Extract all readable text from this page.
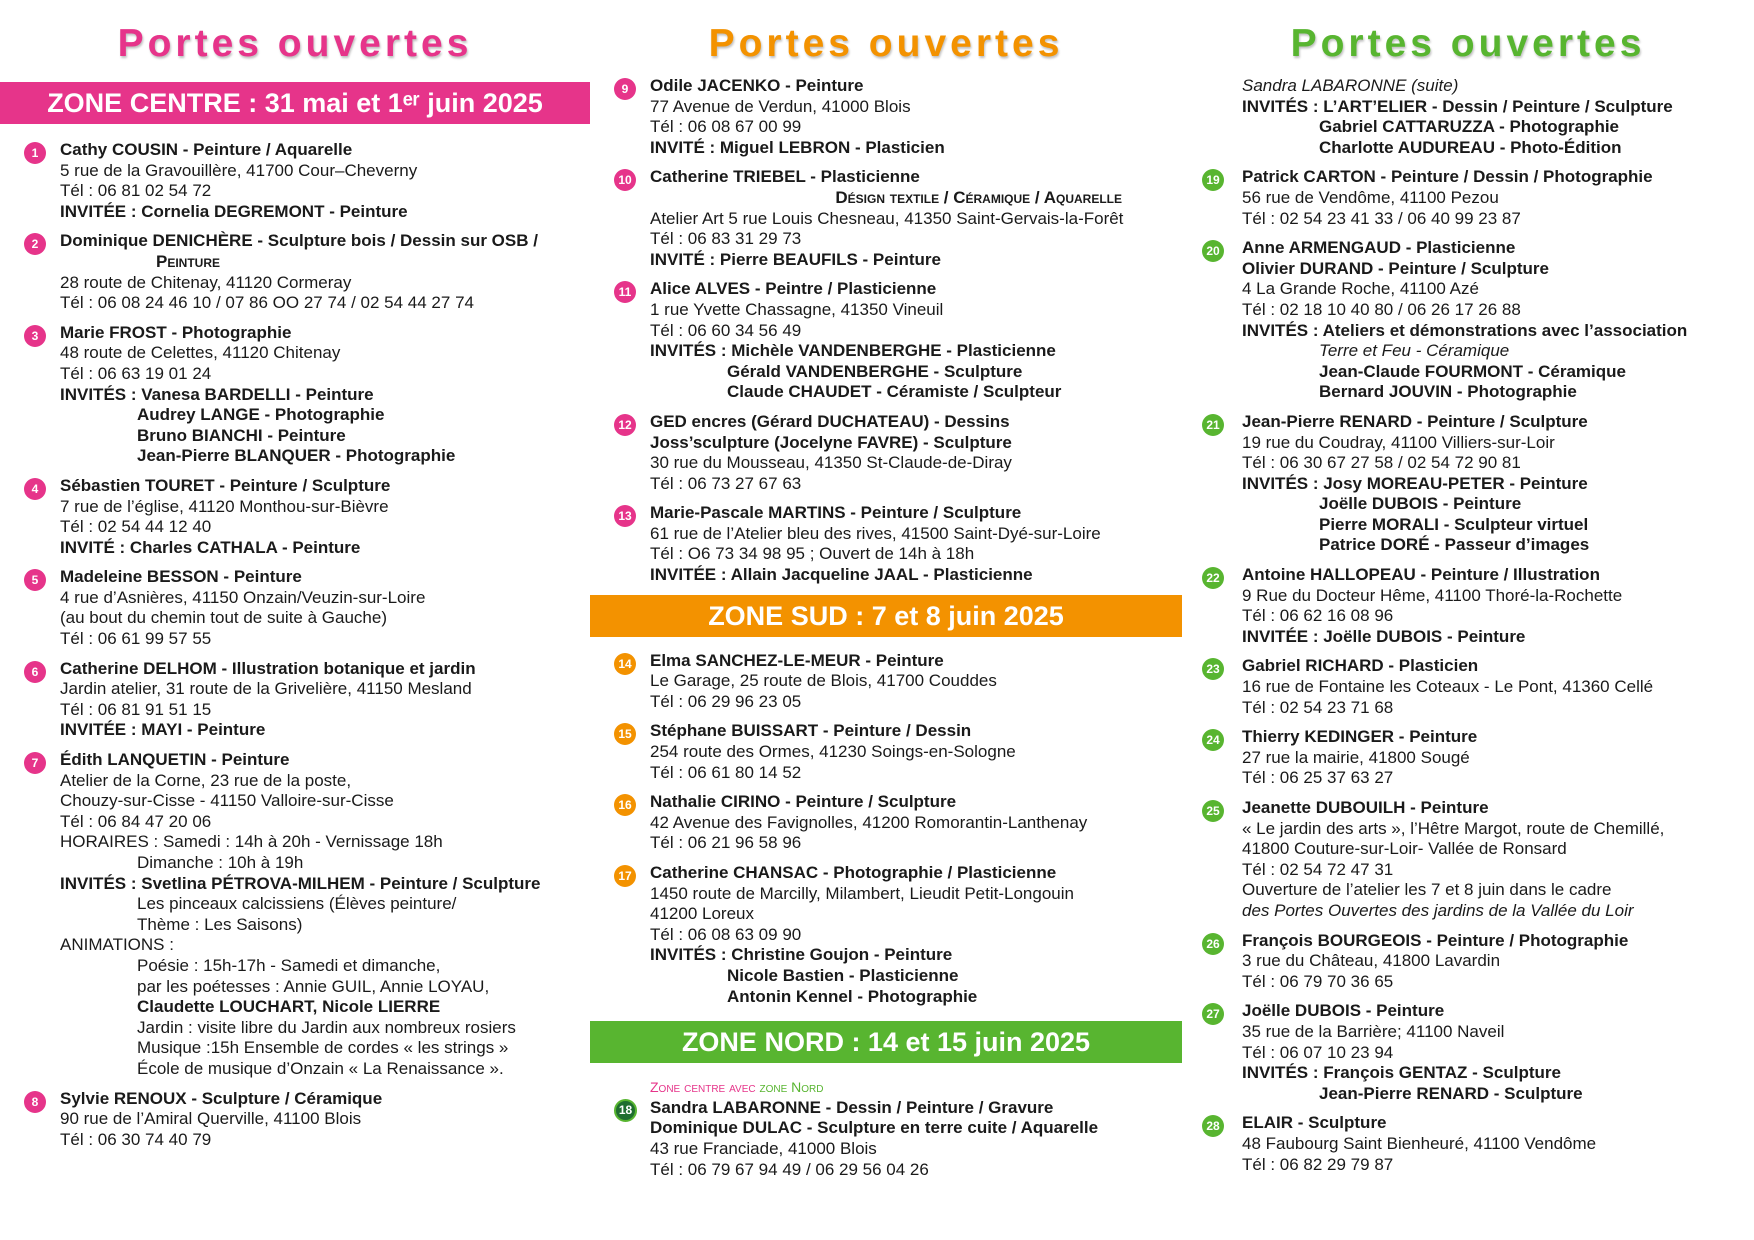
Portes ouvertes
ZONE CENTRE : 31 mai et 1ᵉʳ juin 2025
1	Cathy COUSIN - Peinture / Aquarelle
5 rue de la Gravouillère, 41700 Cour–Cheverny
Tél : 06 81 02 54 72
INVITÉE : Cornelia DEGREMONT - Peinture
2	Dominique DENICHÈRE - Sculpture bois / Dessin sur OSB /
Peinture
28 route de Chitenay, 41120 Cormeray
Tél : 06 08 24 46 10 / 07 86 OO 27 74 / 02 54 44 27 74
3	Marie FROST - Photographie
48 route de Celettes, 41120 Chitenay
Tél : 06 63 19 01 24
INVITÉS : Vanesa BARDELLI - Peinture
Audrey LANGE - Photographie
Bruno BIANCHI - Peinture
Jean-Pierre BLANQUER - Photographie
4	Sébastien TOURET - Peinture / Sculpture
7 rue de l’église, 41120 Monthou-sur-Bièvre
Tél : 02 54 44 12 40
INVITÉ : Charles CATHALA - Peinture
5	Madeleine BESSON - Peinture
4 rue d’Asnières, 41150 Onzain/Veuzin-sur-Loire
(au bout du chemin tout de suite à Gauche)
Tél : 06 61 99 57 55
6	Catherine DELHOM - Illustration botanique et jardin
Jardin atelier, 31 route de la Grivelière, 41150 Mesland
Tél : 06 81 91 51 15
INVITÉE : MAYI - Peinture
7	Édith LANQUETIN - Peinture
Atelier de la Corne, 23 rue de la poste,
Chouzy-sur-Cisse - 41150 Valloire-sur-Cisse
Tél : 06 84 47 20 06
HORAIRES : Samedi : 14h à 20h - Vernissage 18h
Dimanche : 10h à 19h
INVITÉS : Svetlina PÉTROVA-MILHEM - Peinture / Sculpture
Les pinceaux calcissiens (Élèves peinture/
Thème : Les Saisons)
ANIMATIONS :
Poésie : 15h-17h - Samedi et dimanche,
par les poétesses : Annie GUIL, Annie LOYAU,
Claudette LOUCHART, Nicole LIERRE
Jardin : visite libre du Jardin aux nombreux rosiers
Musique :15h Ensemble de cordes « les strings »
École de musique d’Onzain « La Renaissance ».
8	Sylvie RENOUX - Sculpture / Céramique
90 rue de l’Amiral Querville, 41100 Blois
Tél : 06 30 74 40 79
Portes ouvertes
9	Odile JACENKO - Peinture
77 Avenue de Verdun, 41000 Blois
Tél : 06 08 67 00 99
INVITÉ : Miguel LEBRON - Plasticien
10 Catherine TRIEBEL - Plasticienne
Désign textile / Céramique / Aquarelle
Atelier Art 5 rue Louis Chesneau, 41350 Saint-Gervais-la-Forêt
Tél : 06 83 31 29 73
INVITÉ : Pierre BEAUFILS - Peinture
11 Alice ALVES - Peintre / Plasticienne
1 rue Yvette Chassagne, 41350 Vineuil
Tél : 06 60 34 56 49
INVITÉS : Michèle VANDENBERGHE - Plasticienne
Gérald VANDENBERGHE - Sculpture
Claude CHAUDET - Céramiste / Sculpteur
12 GED encres (Gérard DUCHATEAU) - Dessins
Joss’sculpture (Jocelyne FAVRE) - Sculpture
30 rue du Mousseau, 41350 St-Claude-de-Diray
Tél : 06 73 27 67 63
13 Marie-Pascale MARTINS - Peinture / Sculpture
61 rue de l’Atelier bleu des rives, 41500 Saint-Dyé-sur-Loire
Tél : O6 73 34 98 95 ; Ouvert de 14h à 18h
INVITÉE : Allain Jacqueline JAAL - Plasticienne
ZONE SUD : 7 et 8 juin 2025
14 Elma SANCHEZ-LE-MEUR - Peinture
Le Garage, 25 route de Blois, 41700 Couddes
Tél : 06 29 96 23 05
15 Stéphane BUISSART - Peinture / Dessin
254 route des Ormes, 41230 Soings-en-Sologne
Tél : 06 61 80 14 52
16 Nathalie CIRINO - Peinture / Sculpture
42 Avenue des Favignolles, 41200 Romorantin-Lanthenay
Tél : 06 21 96 58 96
17 Catherine CHANSAC - Photographie / Plasticienne
1450 route de Marcilly, Milambert, Lieudit Petit-Longouin
41200 Loreux
Tél : 06 08 63 09 90
INVITÉS : Christine Goujon - Peinture
Nicole Bastien - Plasticienne
Antonin Kennel - Photographie
ZONE NORD : 14 et 15 juin 2025
18
Zone centre avec zone Nord
Sandra LABARONNE - Dessin / Peinture / Gravure
Dominique DULAC - Sculpture en terre cuite / Aquarelle
43 rue Franciade, 41000 Blois
Tél : 06 79 67 94 49 / 06 29 56 04 26
Portes ouvertes
Sandra LABARONNE (suite)
INVITÉS : L’ART’ELIER - Dessin / Peinture / Sculpture
Gabriel CATTARUZZA - Photographie
Charlotte AUDUREAU - Photo-Édition
19 Patrick CARTON - Peinture / Dessin / Photographie
56 rue de Vendôme, 41100 Pezou
Tél : 02 54 23 41 33 / 06 40 99 23 87
20 Anne ARMENGAUD - Plasticienne
Olivier DURAND - Peinture / Sculpture
4 La Grande Roche, 41100 Azé
Tél : 02 18 10 40 80 / 06 26 17 26 88
INVITÉS : Ateliers et démonstrations avec l’association
Terre et Feu - Céramique
Jean-Claude FOURMONT - Céramique
Bernard JOUVIN - Photographie
21 Jean-Pierre RENARD - Peinture / Sculpture
19 rue du Coudray, 41100 Villiers-sur-Loir
Tél : 06 30 67 27 58 / 02 54 72 90 81
INVITÉS : Josy MOREAU-PETER - Peinture
Joëlle DUBOIS - Peinture
Pierre MORALI - Sculpteur virtuel
Patrice DORÉ - Passeur d’images
22 Antoine HALLOPEAU - Peinture / Illustration
9 Rue du Docteur Hême, 41100 Thoré-la-Rochette
Tél : 06 62 16 08 96
INVITÉE : Joëlle DUBOIS - Peinture
23 Gabriel RICHARD - Plasticien
16 rue de Fontaine les Coteaux - Le Pont, 41360 Cellé
Tél : 02 54 23 71 68
24 Thierry KEDINGER - Peinture
27 rue la mairie, 41800 Sougé
Tél : 06 25 37 63 27
25 Jeanette DUBOUILH - Peinture
« Le jardin des arts », l’Hêtre Margot, route de Chemillé,
41800 Couture-sur-Loir- Vallée de Ronsard
Tél : 02 54 72 47 31
Ouverture de l’atelier les 7 et 8 juin dans le cadre
des Portes Ouvertes des jardins de la Vallée du Loir
26 François BOURGEOIS - Peinture / Photographie
3 rue du Château, 41800 Lavardin
Tél : 06 79 70 36 65
27 Joëlle DUBOIS - Peinture
35 rue de la Barrière; 41100 Naveil
Tél : 06 07 10 23 94
INVITÉS : François GENTAZ - Sculpture
Jean-Pierre RENARD - Sculpture
28 ELAIR - Sculpture
48 Faubourg Saint Bienheuré, 41100 Vendôme
Tél : 06 82 29 79 87
